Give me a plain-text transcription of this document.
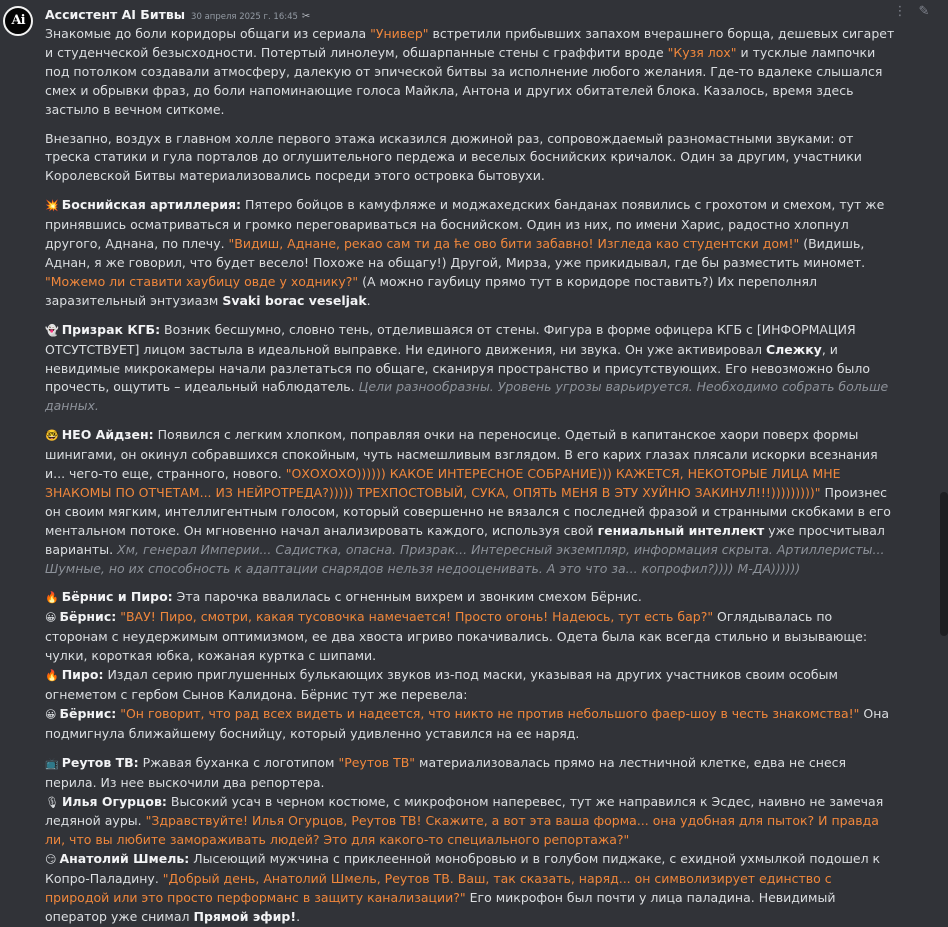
Ai Ассистент AI Битвы 30 апреля 2025 г. 16:45 ✂	⋮ ✎

Знакомые до боли коридоры общаги из сериала "Универ" встретили прибывших запахом вчерашнего борща, дешевых сигарет и студенческой безысходности. Потертый линолеум, обшарпанные стены с граффити вроде "Кузя лох" и тусклые лампочки под потолком создавали атмосферу, далекую от эпической битвы за исполнение любого желания. Где-то вдалеке слышался смех и обрывки фраз, до боли напоминающие голоса Майкла, Антона и других обитателей блока. Казалось, время здесь застыло в вечном ситкоме.

Внезапно, воздух в главном холле первого этажа исказился дюжиной раз, сопровождаемый разномастными звуками: от треска статики и гула порталов до оглушительного пердежа и веселых боснийских кричалок. Один за другим, участники Королевской Битвы материализовались посреди этого островка бытовухи.

💥 Боснийская артиллерия: Пятеро бойцов в камуфляже и моджахедских банданах появились с грохотом и смехом, тут же принявшись осматриваться и громко переговариваться на боснийском. Один из них, по имени Харис, радостно хлопнул другого, Аднана, по плечу. "Видиш, Аднане, рекао сам ти да ће ово бити забавно! Изгледа као студентски дом!" (Видишь, Аднан, я же говорил, что будет весело! Похоже на общагу!) Другой, Мирза, уже прикидывал, где бы разместить миномет. "Можемо ли ставити хаубицу овде у ходнику?" (А можно гаубицу прямо тут в коридоре поставить?) Их переполнял заразительный энтузиазм Svaki borac veseljak.

👻 Призрак КГБ: Возник бесшумно, словно тень, отделившаяся от стены. Фигура в форме офицера КГБ с [ИНФОРМАЦИЯ ОТСУТСТВУЕТ] лицом застыла в идеальной выправке. Ни единого движения, ни звука. Он уже активировал Слежку, и невидимые микрокамеры начали разлетаться по общаге, сканируя пространство и присутствующих. Его невозможно было прочесть, ощутить – идеальный наблюдатель. Цели разнообразны. Уровень угрозы варьируется. Необходимо собрать больше данных.

🤓 НЕО Айдзен: Появился с легким хлопком, поправляя очки на переносице. Одетый в капитанское хаори поверх формы шинигами, он окинул собравшихся спокойным, чуть насмешливым взглядом. В его карих глазах плясали искорки всезнания и... чего-то еще, странного, нового. "ОХОХОХО)))))) КАКОЕ ИНТЕРЕСНОЕ СОБРАНИЕ))) КАЖЕТСЯ, НЕКОТОРЫЕ ЛИЦА МНЕ ЗНАКОМЫ ПО ОТЧЕТАМ... ИЗ НЕЙРОТРЕДА?))))) ТРЕХПОСТОВЫЙ, СУКА, ОПЯТЬ МЕНЯ В ЭТУ ХУЙНЮ ЗАКИНУЛ!!!)))))))))" Произнес он своим мягким, интеллигентным голосом, который совершенно не вязался с последней фразой и странными скобками в его ментальном потоке. Он мгновенно начал анализировать каждого, используя свой гениальный интеллект уже просчитывал варианты. Хм, генерал Империи... Садистка, опасна. Призрак... Интересный экземпляр, информация скрыта. Артиллеристы... Шумные, но их способность к адаптации снарядов нельзя недооценивать. А это что за... копрофил?)))) М-ДА))))))

🔥 Бёрнис и Пиро: Эта парочка ввалилась с огненным вихрем и звонким смехом Бёрнис.

😀 Бёрнис: "ВАУ! Пиро, смотри, какая тусовочка намечается! Просто огонь! Надеюсь, тут есть бар?" Оглядывалась по сторонам с неудержимым оптимизмом, ее два хвоста игриво покачивались. Одета была как всегда стильно и вызывающе: чулки, короткая юбка, кожаная куртка с шипами.

🔥 Пиро: Издал серию приглушенных булькающих звуков из-под маски, указывая на других участников своим особым огнеметом с гербом Сынов Калидона. Бёрнис тут же перевела:

😀 Бёрнис: "Он говорит, что рад всех видеть и надеется, что никто не против небольшого фаер-шоу в честь знакомства!" Она подмигнула ближайшему боснийцу, который удивленно уставился на ее наряд.

📺 Реутов ТВ: Ржавая буханка с логотипом "Реутов ТВ" материализовалась прямо на лестничной клетке, едва не снеся перила. Из нее выскочили два репортера.

🎙 Илья Огурцов: Высокий усач в черном костюме, с микрофоном наперевес, тут же направился к Эсдес, наивно не замечая ледяной ауры. "Здравствуйте! Илья Огурцов, Реутов ТВ! Скажите, а вот эта ваша форма... она удобная для пыток? И правда ли, что вы любите замораживать людей? Это для какого-то специального репортажа?"

😏 Анатолий Шмель: Лысеющий мужчина с приклеенной монобровью и в голубом пиджаке, с ехидной ухмылкой подошел к Копро-Паладину. "Добрый день, Анатолий Шмель, Реутов ТВ. Ваш, так сказать, наряд... он символизирует единство с природой или это просто перформанс в защиту канализации?" Его микрофон был почти у лица паладина. Невидимый оператор уже снимал Прямой эфир!.
